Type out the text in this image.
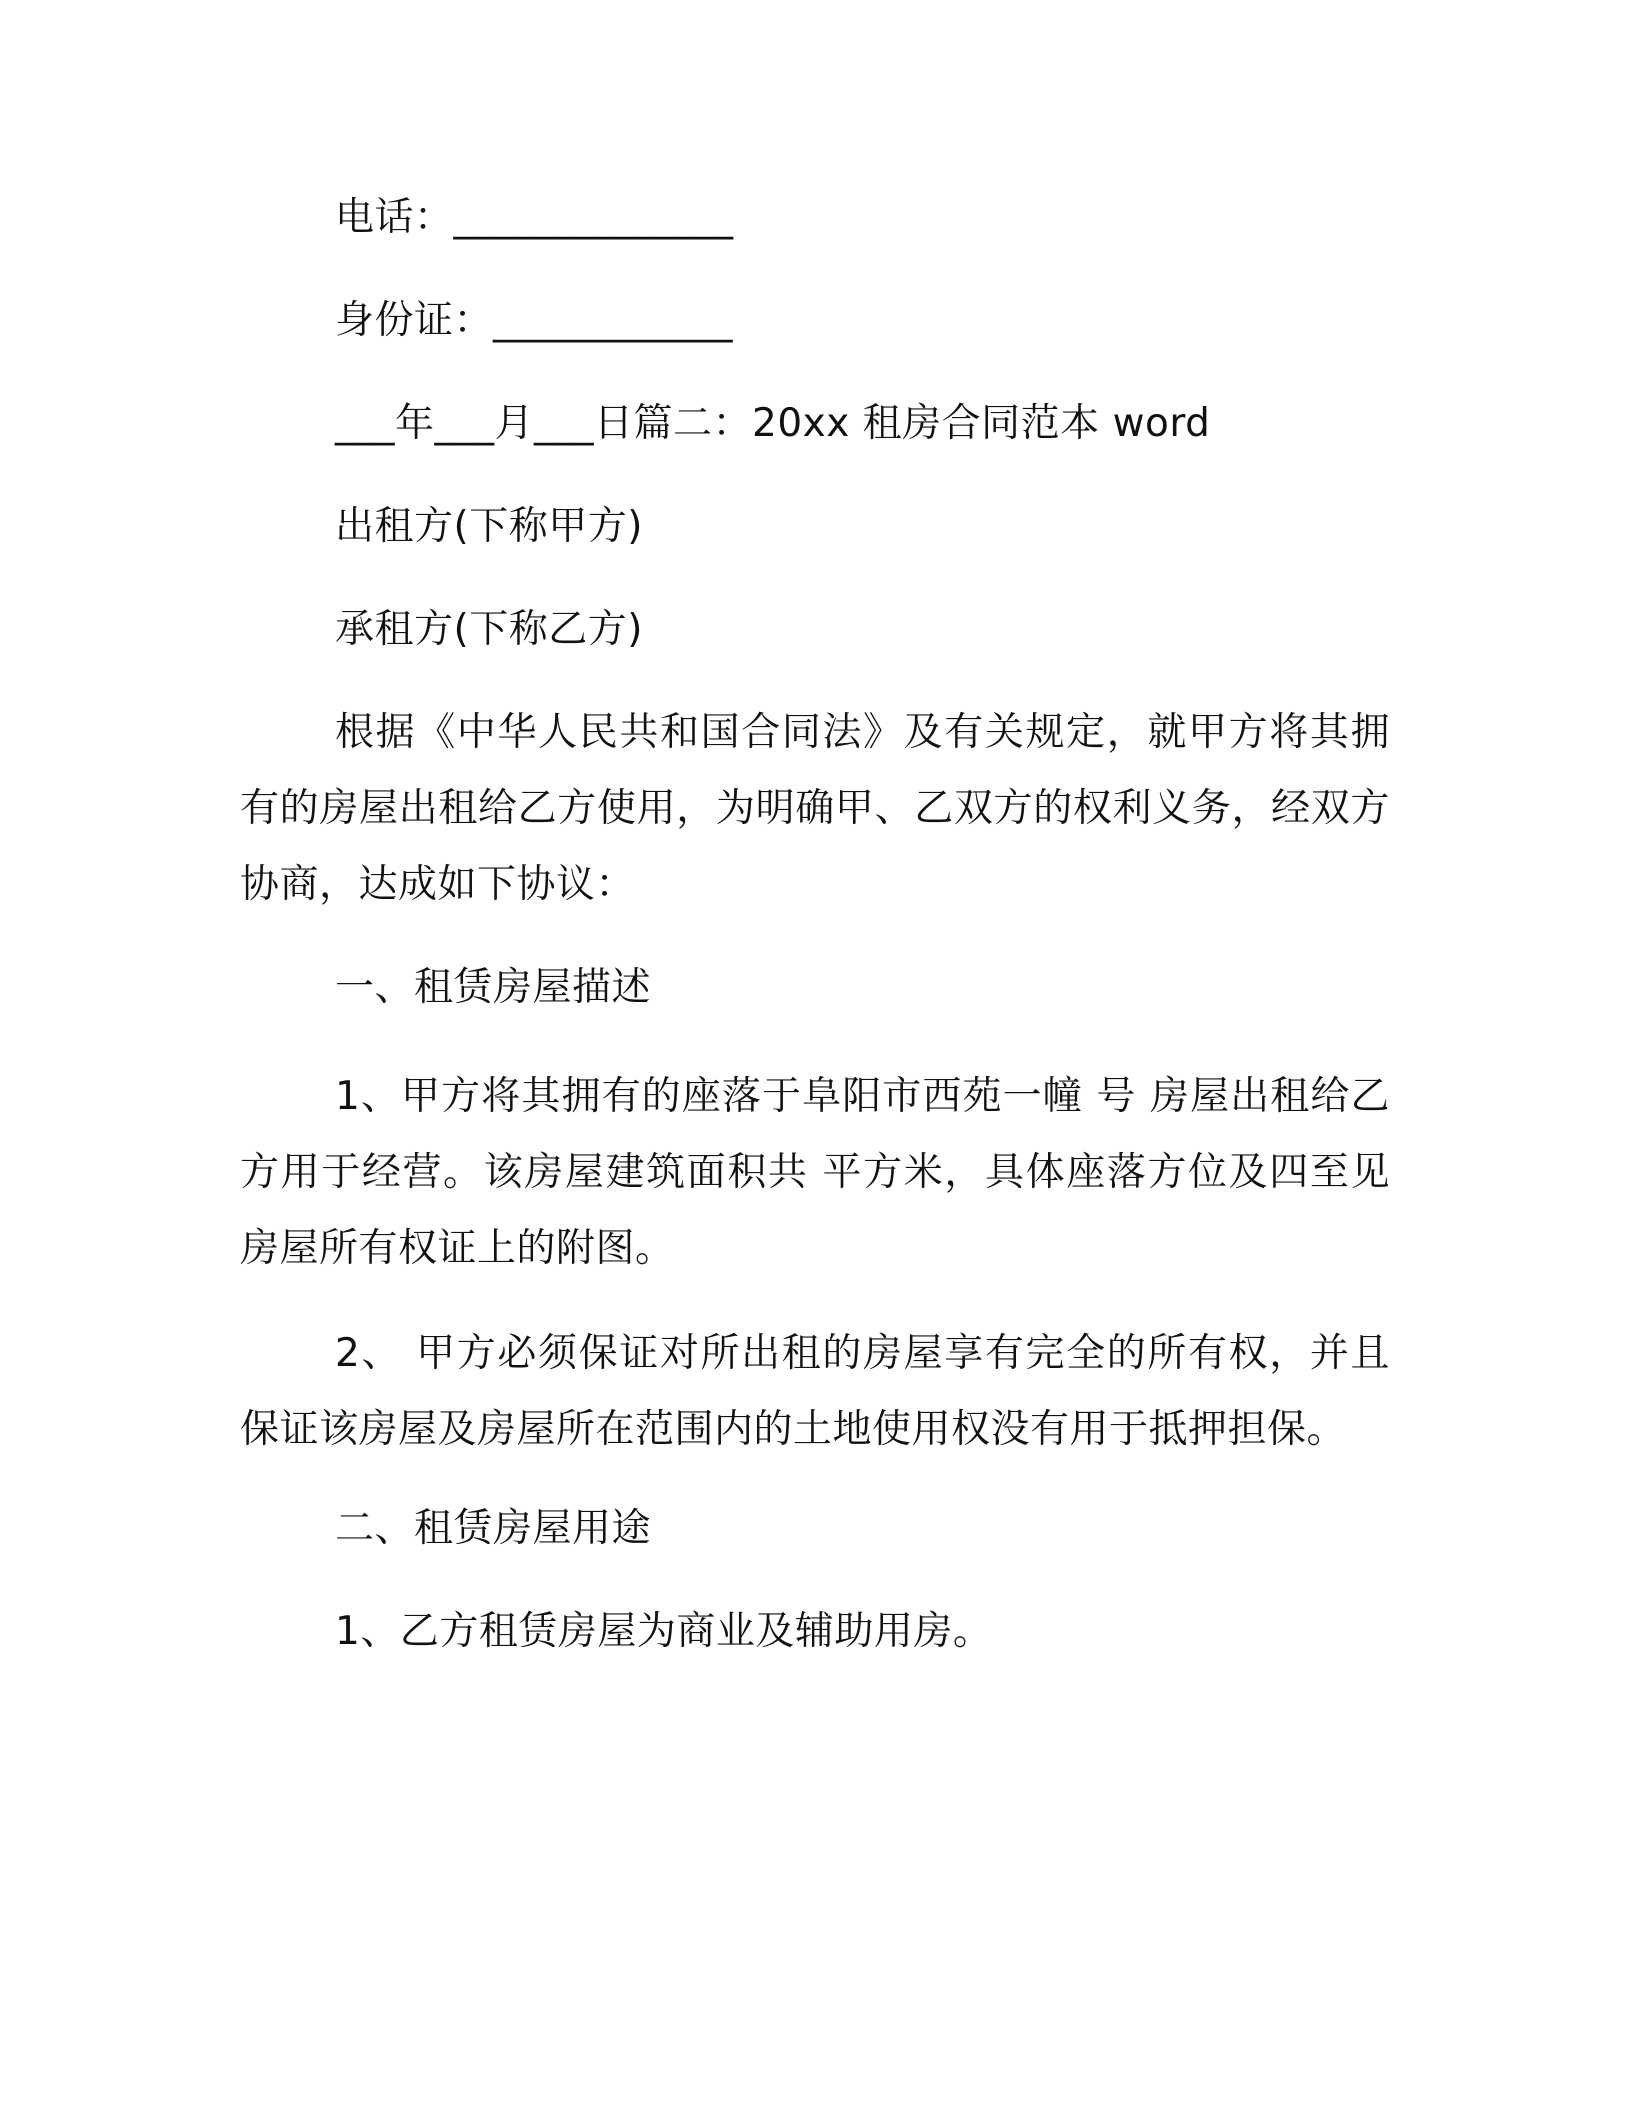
电话：______________
身份证：____________
___年___月___日篇二：20xx 租房合同范本 word
出租方(下称甲方)
承租方(下称乙方)
根据《中华人民共和国合同法》及有关规定，就甲方将其拥有的房屋出租给乙方使用，为明确甲、乙双方的权利义务，经双方协商，达成如下协议：
一、租赁房屋描述
1、甲方将其拥有的座落于阜阳市西苑一幢 号 房屋出租给乙方用于经营。该房屋建筑面积共 平方米，具体座落方位及四至见房屋所有权证上的附图。
2、 甲方必须保证对所出租的房屋享有完全的所有权，并且保证该房屋及房屋所在范围内的土地使用权没有用于抵押担保。
二、租赁房屋用途
1、乙方租赁房屋为商业及辅助用房。
